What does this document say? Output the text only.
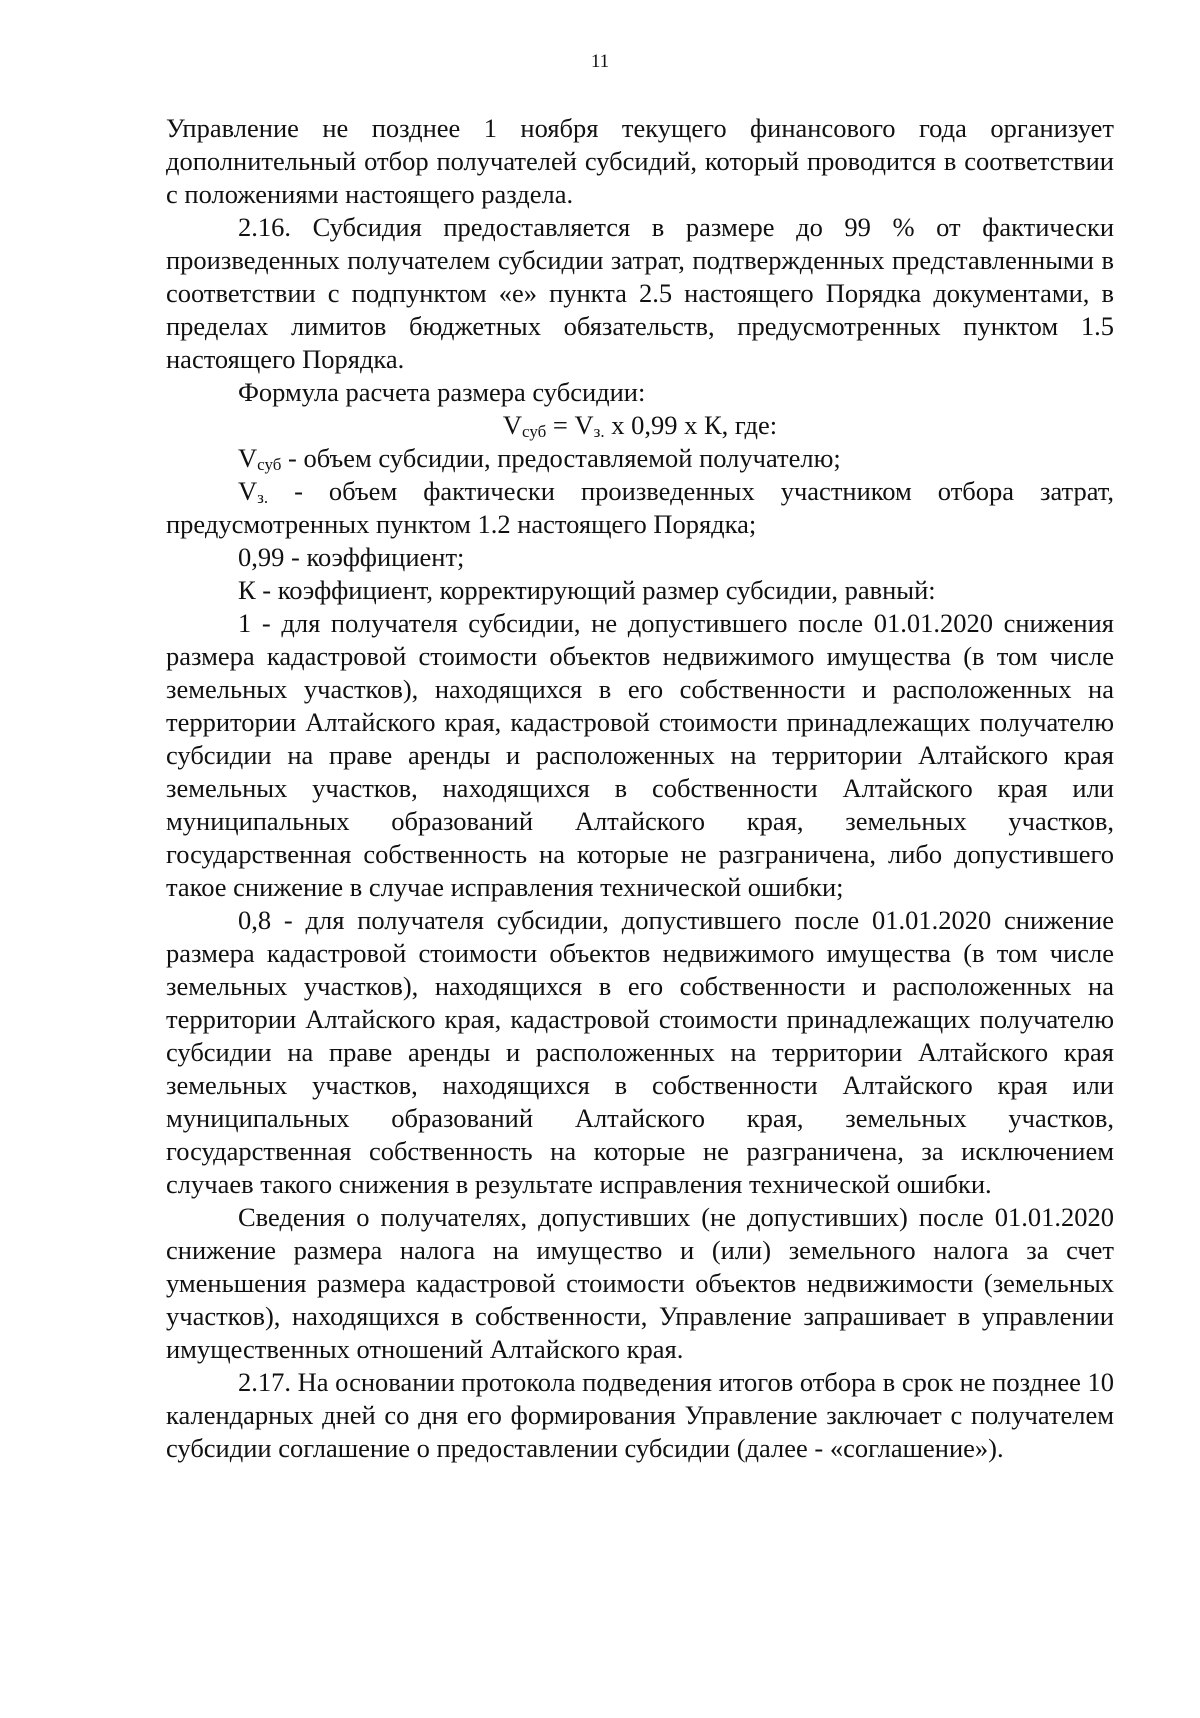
11

Управление не позднее 1 ноября текущего финансового года организует дополнительный отбор получателей субсидий, который проводится в соответствии с положениями настоящего раздела.

2.16. Субсидия предоставляется в размере до 99 % от фактически произведенных получателем субсидии затрат, подтвержденных представленными в соответствии с подпунктом «е» пункта 2.5 настоящего Порядка документами, в пределах лимитов бюджетных обязательств, предусмотренных пунктом 1.5 настоящего Порядка.

Формула расчета размера субсидии:

$V_{суб} = V_{з.}$ х 0,99 х К, где:

$V_{суб}$ - объем субсидии, предоставляемой получателю;

$V_{з.}$ - объем фактически произведенных участником отбора затрат, предусмотренных пунктом 1.2 настоящего Порядка;

0,99 - коэффициент;

К - коэффициент, корректирующий размер субсидии, равный:

1 - для получателя субсидии, не допустившего после 01.01.2020 снижения размера кадастровой стоимости объектов недвижимого имущества (в том числе земельных участков), находящихся в его собственности и расположенных на территории Алтайского края, кадастровой стоимости принадлежащих получателю субсидии на праве аренды и расположенных на территории Алтайского края земельных участков, находящихся в собственности Алтайского края или муниципальных образований Алтайского края, земельных участков, государственная собственность на которые не разграничена, либо допустившего такое снижение в случае исправления технической ошибки;

0,8 - для получателя субсидии, допустившего после 01.01.2020 снижение размера кадастровой стоимости объектов недвижимого имущества (в том числе земельных участков), находящихся в его собственности и расположенных на территории Алтайского края, кадастровой стоимости принадлежащих получателю субсидии на праве аренды и расположенных на территории Алтайского края земельных участков, находящихся в собственности Алтайского края или муниципальных образований Алтайского края, земельных участков, государственная собственность на которые не разграничена, за исключением случаев такого снижения в результате исправления технической ошибки.

Сведения о получателях, допустивших (не допустивших) после 01.01.2020 снижение размера налога на имущество и (или) земельного налога за счет уменьшения размера кадастровой стоимости объектов недвижимости (земельных участков), находящихся в собственности, Управление запрашивает в управлении имущественных отношений Алтайского края.

2.17. На основании протокола подведения итогов отбора в срок не позднее 10 календарных дней со дня его формирования Управление заключает с получателем субсидии соглашение о предоставлении субсидии (далее - «соглашение»).
